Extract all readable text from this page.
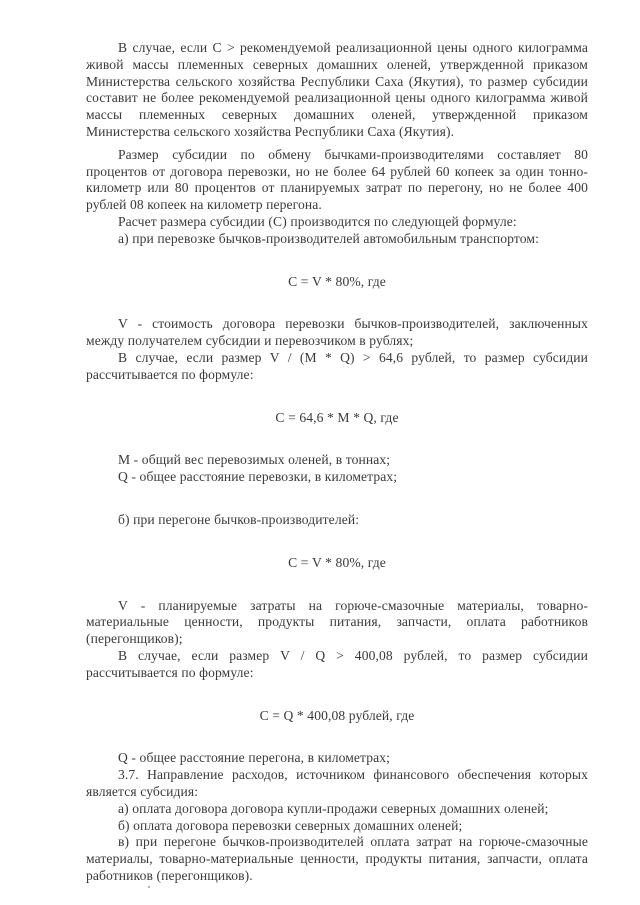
В случае, если С > рекомендуемой реализационной цены одного килограмма живой массы племенных северных домашних оленей, утвержденной приказом Министерства сельского хозяйства Республики Саха (Якутия), то размер субсидии составит не более рекомендуемой реализационной цены одного килограмма живой массы племенных северных домашних оленей, утвержденной приказом Министерства сельского хозяйства Республики Саха (Якутия).

Размер субсидии по обмену бычками-производителями составляет 80 процентов от договора перевозки, но не более 64 рублей 60 копеек за один тонно-километр или 80 процентов от планируемых затрат по перегону, но не более 400 рублей 08 копеек на километр перегона.

Расчет размера субсидии (С) производится по следующей формуле:

а) при перевозке бычков-производителей автомобильным транспортом:

С = V * 80%, где

V - стоимость договора перевозки бычков-производителей, заключенных между получателем субсидии и перевозчиком в рублях;

В случае, если размер V / (M * Q) > 64,6 рублей, то размер субсидии рассчитывается по формуле:

С = 64,6 * М * Q, где

М - общий вес перевозимых оленей, в тоннах;

Q - общее расстояние перевозки, в километрах;

б) при перегоне бычков-производителей:

С = V * 80%, где

V - планируемые затраты на горюче-смазочные материалы, товарно-материальные ценности, продукты питания, запчасти, оплата работников (перегонщиков);

В случае, если размер V / Q > 400,08 рублей, то размер субсидии рассчитывается по формуле:

С = Q * 400,08 рублей, где

Q - общее расстояние перегона, в километрах;

3.7. Направление расходов, источником финансового обеспечения которых является субсидия:

а) оплата договора договора купли-продажи северных домашних оленей;

б) оплата договора перевозки северных домашних оленей;

в) при перегоне бычков-производителей оплата затрат на горюче-смазочные материалы, товарно-материальные ценности, продукты питания, запчасти, оплата работников (перегонщиков).
